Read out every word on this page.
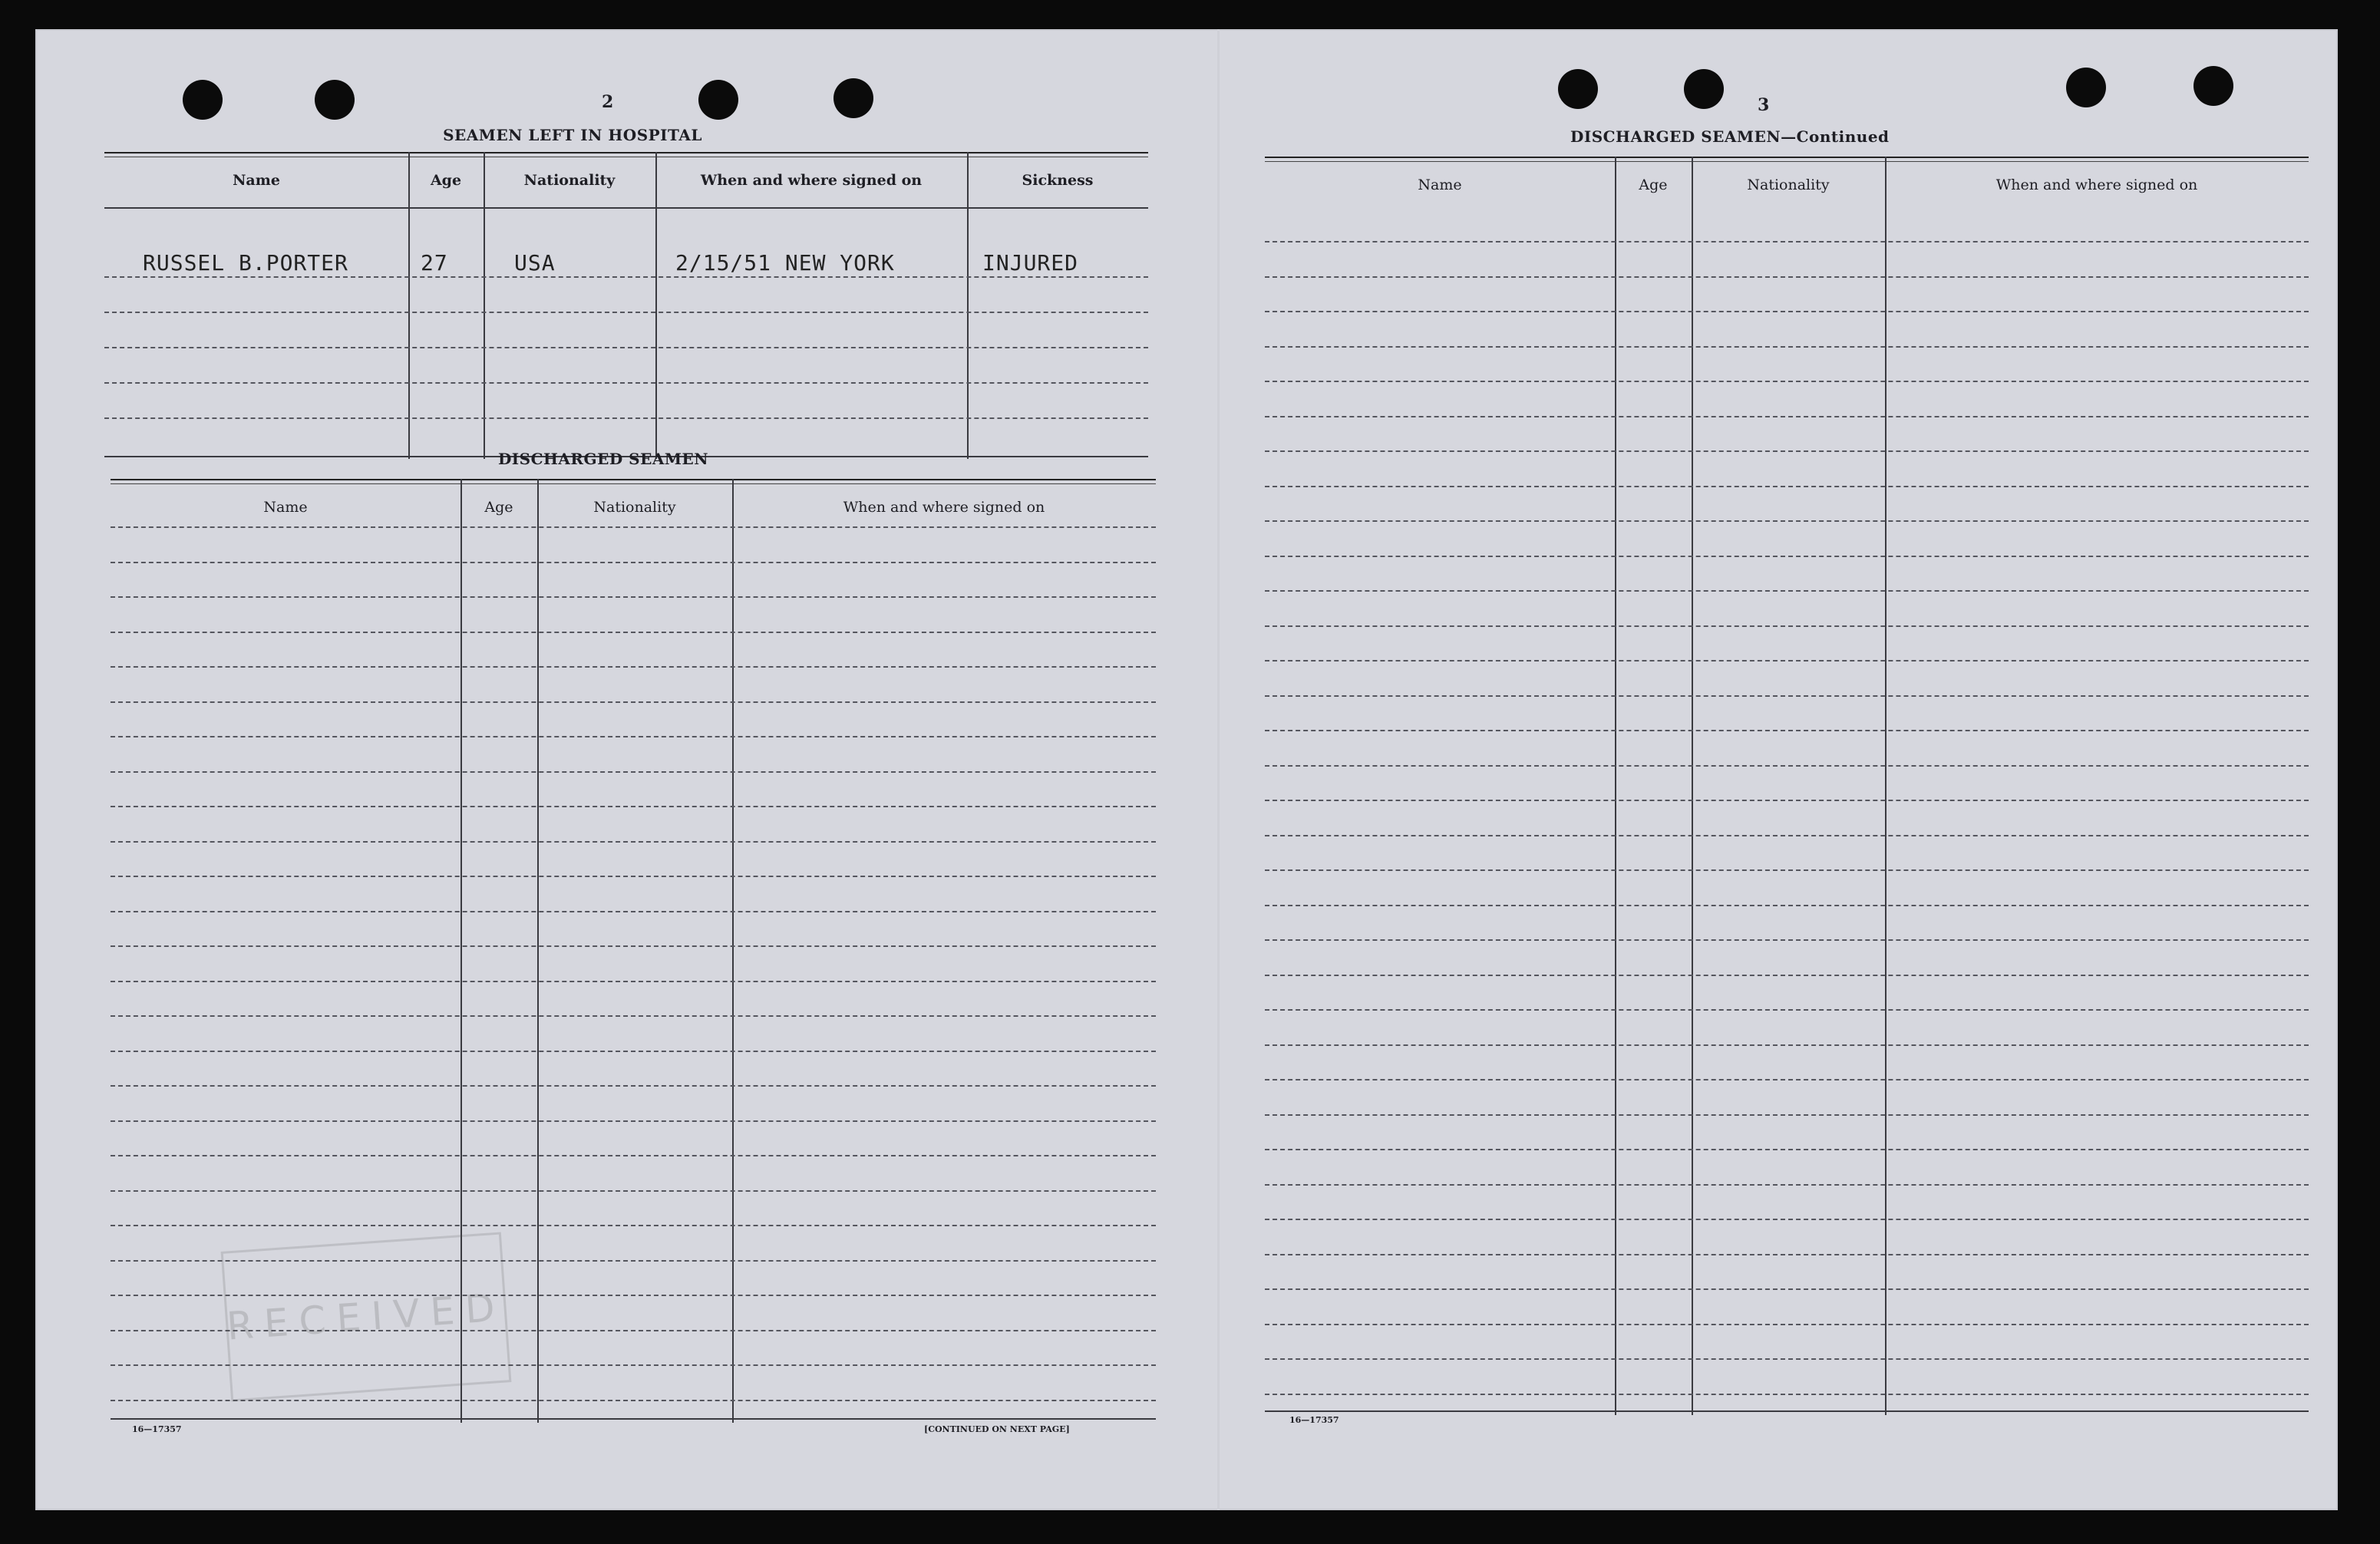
2
SEAMEN LEFT IN HOSPITAL
Name	Age	Nationality	When and where signed on	Sickness
RUSSEL B.PORTER	27	USA	2/15/51 NEW YORK	INJURED
DISCHARGED SEAMEN
Name	Age	Nationality	When and where signed on
RECEIVED
16—17357	[CONTINUED ON NEXT PAGE]
3
DISCHARGED SEAMEN—Continued
Name	Age	Nationality	When and where signed on
16—17357
